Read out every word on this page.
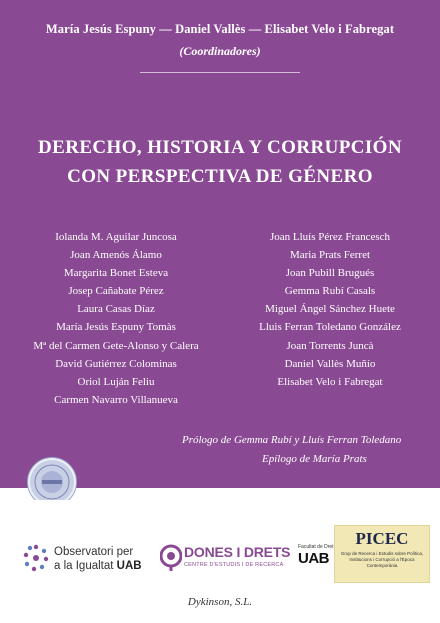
María Jesús Espuny — Daniel Vallès — Elisabet Velo i Fabregat
(Coordinadores)
DERECHO, HISTORIA Y CORRUPCIÓN
CON PERSPECTIVA DE GÉNERO
Iolanda M. Aguilar Juncosa
Joan Amenós Álamo
Margarita Bonet Esteva
Josep Cañabate Pérez
Laura Casas Díaz
María Jesús Espuny Tomàs
Mª del Carmen Gete-Alonso y Calera
David Gutiérrez Colominas
Oriol Luján Feliu
Carmen Navarro Villanueva
Joan Lluís Pérez Francesch
Maria Prats Ferret
Joan Pubill Brugués
Gemma Rubí Casals
Miguel Ángel Sánchez Huete
Lluis Ferran Toledano González
Joan Torrents Juncà
Daniel Vallès Muñío
Elisabet Velo i Fabregat
Prólogo de Gemma Rubí y Lluís Ferran Toledano
Epílogo de María Prats
Observatori per
a la Igualtat UAB
DONES I DRETS
CENTRE D'ESTUDIS I DE RECERCA
Facultat de Dret
UAB
PICEC
Grup de Recerca i Estudis sobre Política, Institucions i Corrupció a l'Època Contemporània
Dykinson, S.L.
